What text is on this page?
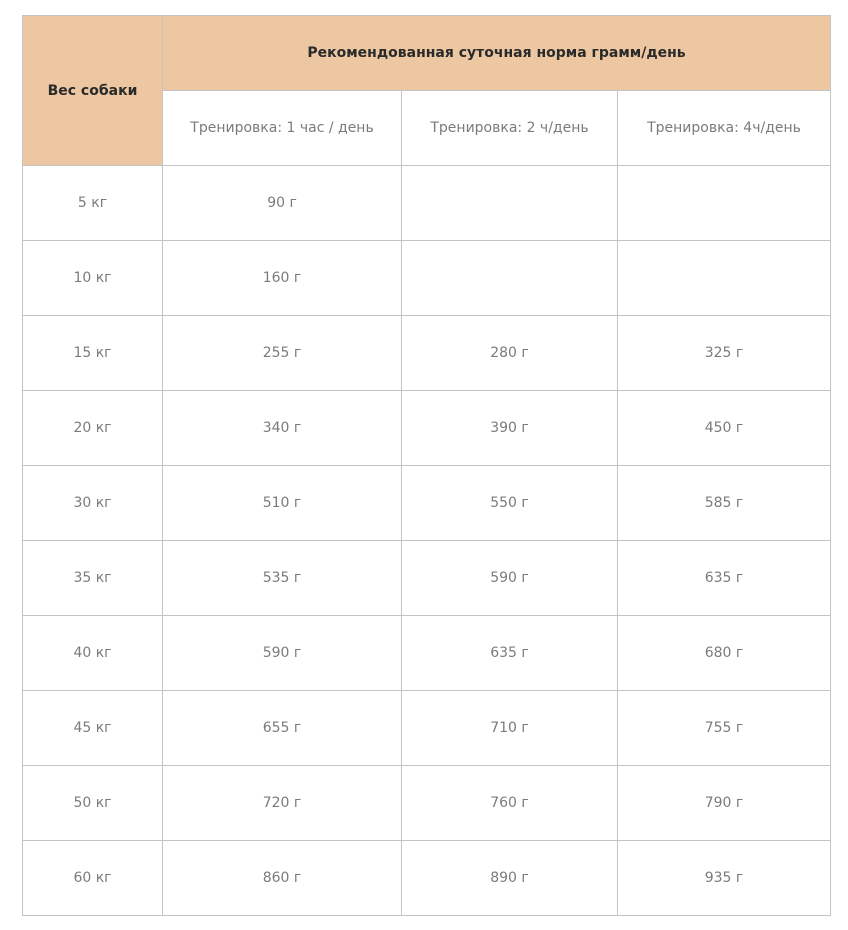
Вес собаки	Рекомендованная суточная норма грамм/день		
	Тренировка: 1 час / день	Тренировка: 2 ч/день	Тренировка: 4ч/день
5 кг	90 г		
10 кг	160 г		
15 кг	255 г	280 г	325 г
20 кг	340 г	390 г	450 г
30 кг	510 г	550 г	585 г
35 кг	535 г	590 г	635 г
40 кг	590 г	635 г	680 г
45 кг	655 г	710 г	755 г
50 кг	720 г	760 г	790 г
60 кг	860 г	890 г	935 г
